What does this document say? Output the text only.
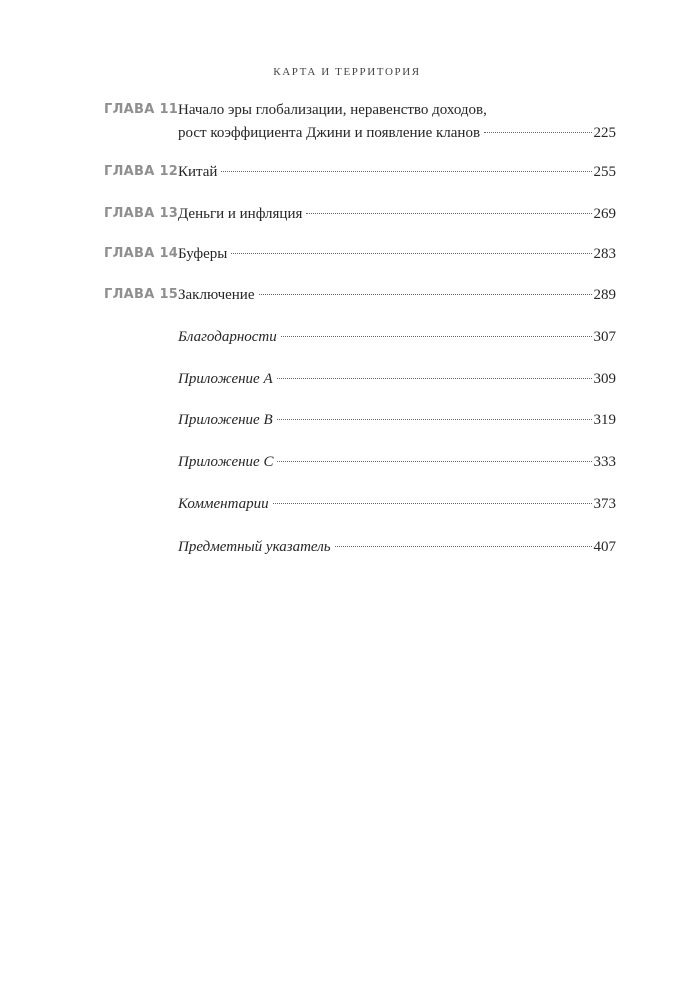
КАРТА И ТЕРРИТОРИЯ
ГЛАВА 11 Начало эры глобализации, неравенство доходов,
рост коэффициента Джини и появление кланов	225
ГЛАВА 12 Китай	255
ГЛАВА 13 Деньги и инфляция	269
ГЛАВА 14 Буферы	283
ГЛАВА 15 Заключение	289
Благодарности	307
Приложение A	309
Приложение B	319
Приложение C	333
Комментарии	373
Предметный указатель	407
